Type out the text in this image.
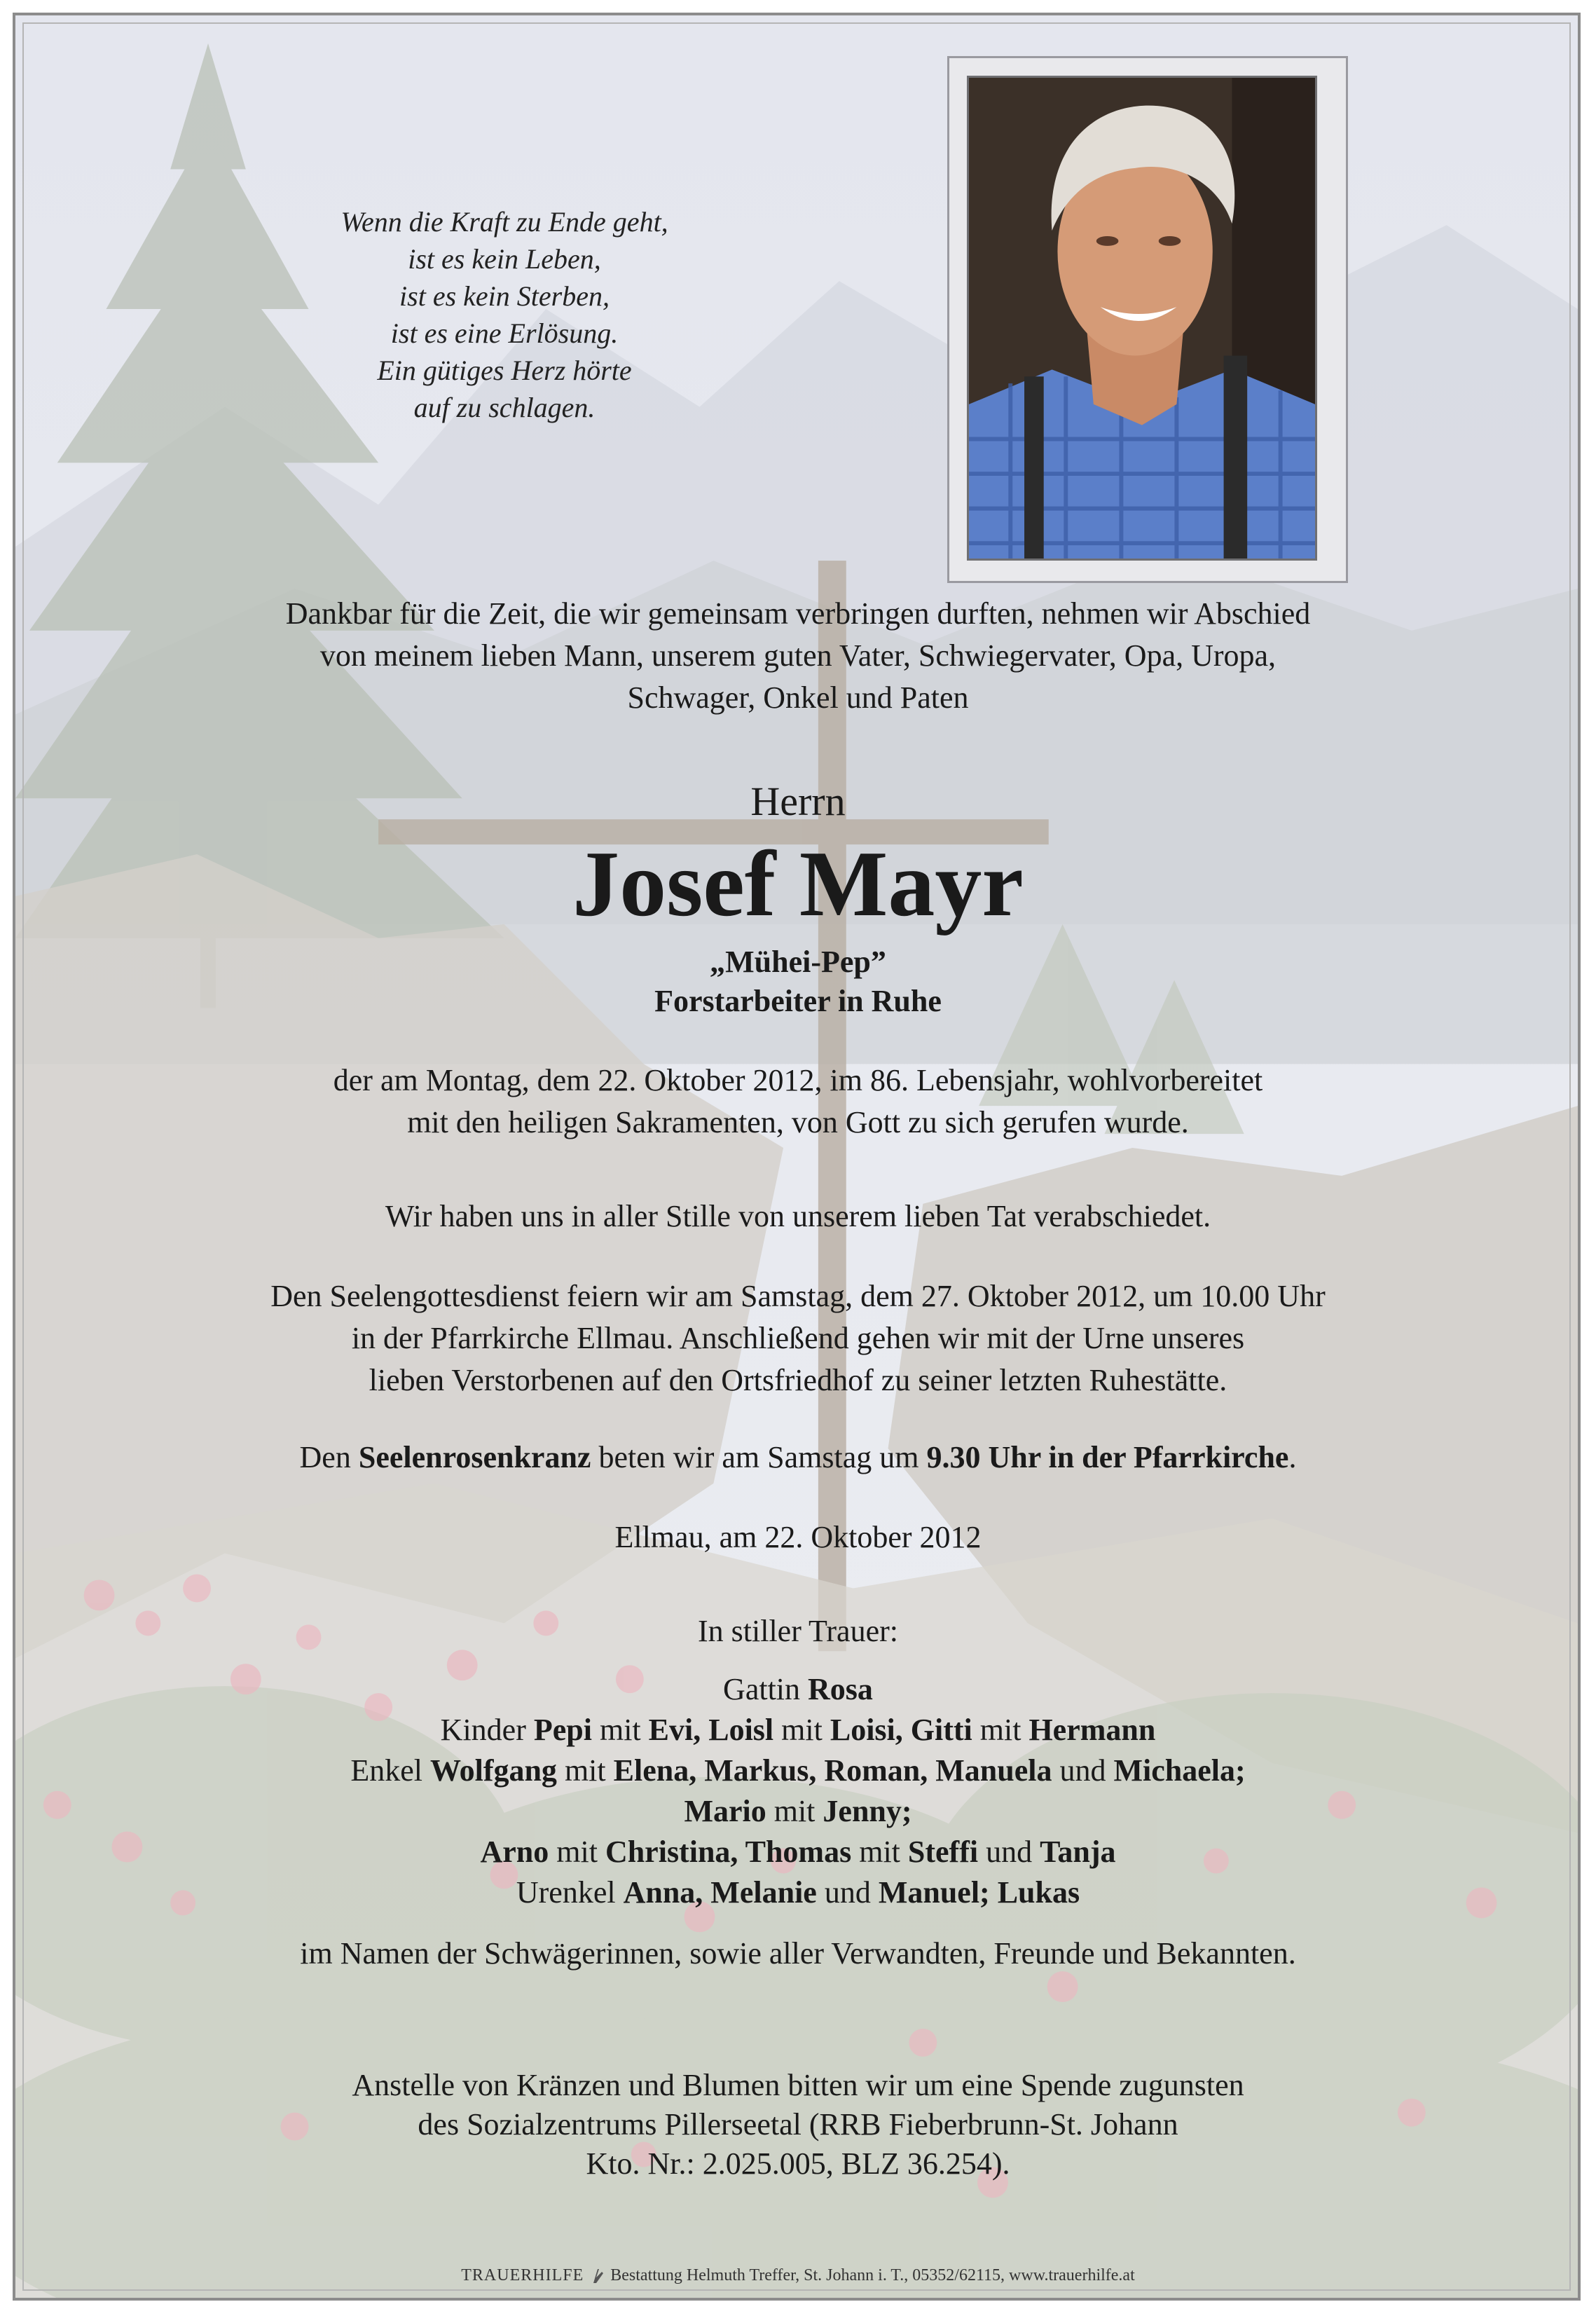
Wenn die Kraft zu Ende geht,
ist es kein Leben,
ist es kein Sterben,
ist es eine Erlösung.
Ein gütiges Herz hörte
auf zu schlagen.
Dankbar für die Zeit, die wir gemeinsam verbringen durften, nehmen wir Abschied
von meinem lieben Mann, unserem guten Vater, Schwiegervater, Opa, Uropa,
Schwager, Onkel und Paten
Herrn
Josef Mayr
„Mühei-Pep”
Forstarbeiter in Ruhe
der am Montag, dem 22. Oktober 2012, im 86. Lebensjahr, wohlvorbereitet
mit den heiligen Sakramenten, von Gott zu sich gerufen wurde.
Wir haben uns in aller Stille von unserem lieben Tat verabschiedet.
Den Seelengottesdienst feiern wir am Samstag, dem 27. Oktober 2012, um 10.00 Uhr
in der Pfarrkirche Ellmau. Anschließend gehen wir mit der Urne unseres
lieben Verstorbenen auf den Ortsfriedhof zu seiner letzten Ruhestätte.
Den Seelenrosenkranz beten wir am Samstag um 9.30 Uhr in der Pfarrkirche.
Ellmau, am 22. Oktober 2012
In stiller Trauer:
Gattin Rosa
Kinder Pepi mit Evi, Loisl mit Loisi, Gitti mit Hermann
Enkel Wolfgang mit Elena, Markus, Roman, Manuela und Michaela;
Mario mit Jenny;
Arno mit Christina, Thomas mit Steffi und Tanja
Urenkel Anna, Melanie und Manuel; Lukas
im Namen der Schwägerinnen, sowie aller Verwandten, Freunde und Bekannten.
Anstelle von Kränzen und Blumen bitten wir um eine Spende zugunsten
des Sozialzentrums Pillerseetal (RRB Fieberbrunn-St. Johann
Kto. Nr.: 2.025.005, BLZ 36.254).
TRAUERHILFE Bestattung Helmuth Treffer, St. Johann i. T., 05352/62115, www.trauerhilfe.at
